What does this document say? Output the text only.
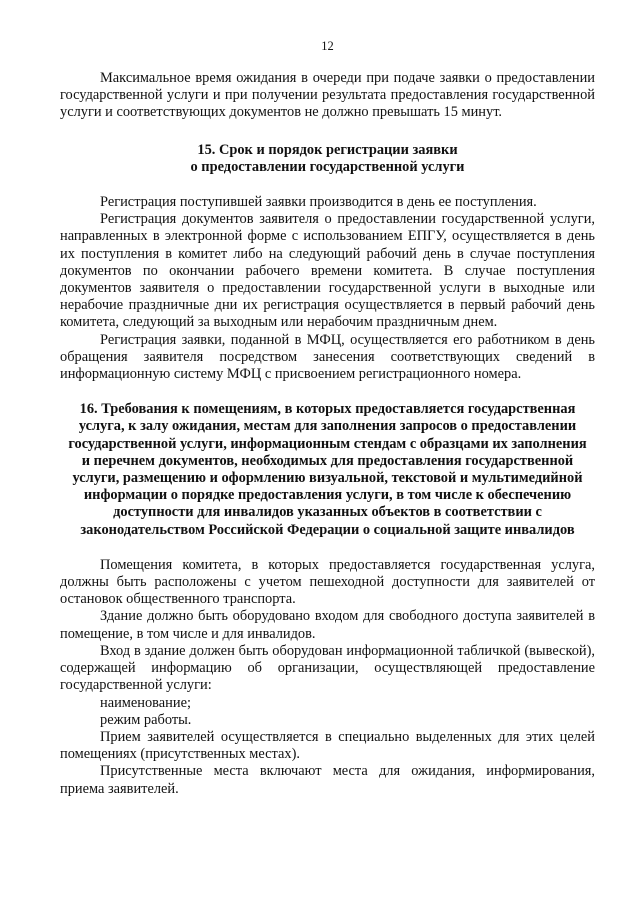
12

Максимальное время ожидания в очереди при подаче заявки о предоставлении государственной услуги и при получении результата предоставления государственной услуги и соответствующих документов не должно превышать 15 минут.

15. Срок и порядок регистрации заявки
о предоставлении государственной услуги

Регистрация поступившей заявки производится в день ее поступления.

Регистрация документов заявителя о предоставлении государственной услуги, направленных в электронной форме с использованием ЕПГУ, осуществляется в день их поступления в комитет либо на следующий рабочий день в случае поступления документов по окончании рабочего времени комитета. В случае поступления документов заявителя о предоставлении государственной услуги в выходные или нерабочие праздничные дни их регистрация осуществляется в первый рабочий день комитета, следующий за выходным или нерабочим праздничным днем.

Регистрация заявки, поданной в МФЦ, осуществляется его работником в день обращения заявителя посредством занесения соответствующих сведений в информационную систему МФЦ с присвоением регистрационного номера.

16. Требования к помещениям, в которых предоставляется государственная услуга, к залу ожидания, местам для заполнения запросов о предоставлении государственной услуги, информационным стендам с образцами их заполнения и перечнем документов, необходимых для предоставления государственной услуги, размещению и оформлению визуальной, текстовой и мультимедийной информации о порядке предоставления услуги, в том числе к обеспечению доступности для инвалидов указанных объектов в соответствии с законодательством Российской Федерации о социальной защите инвалидов

Помещения комитета, в которых предоставляется государственная услуга, должны быть расположены с учетом пешеходной доступности для заявителей от остановок общественного транспорта.

Здание должно быть оборудовано входом для свободного доступа заявителей в помещение, в том числе и для инвалидов.

Вход в здание должен быть оборудован информационной табличкой (вывеской), содержащей информацию об организации, осуществляющей предоставление государственной услуги:

наименование;

режим работы.

Прием заявителей осуществляется в специально выделенных для этих целей помещениях (присутственных местах).

Присутственные места включают места для ожидания, информирования, приема заявителей.
